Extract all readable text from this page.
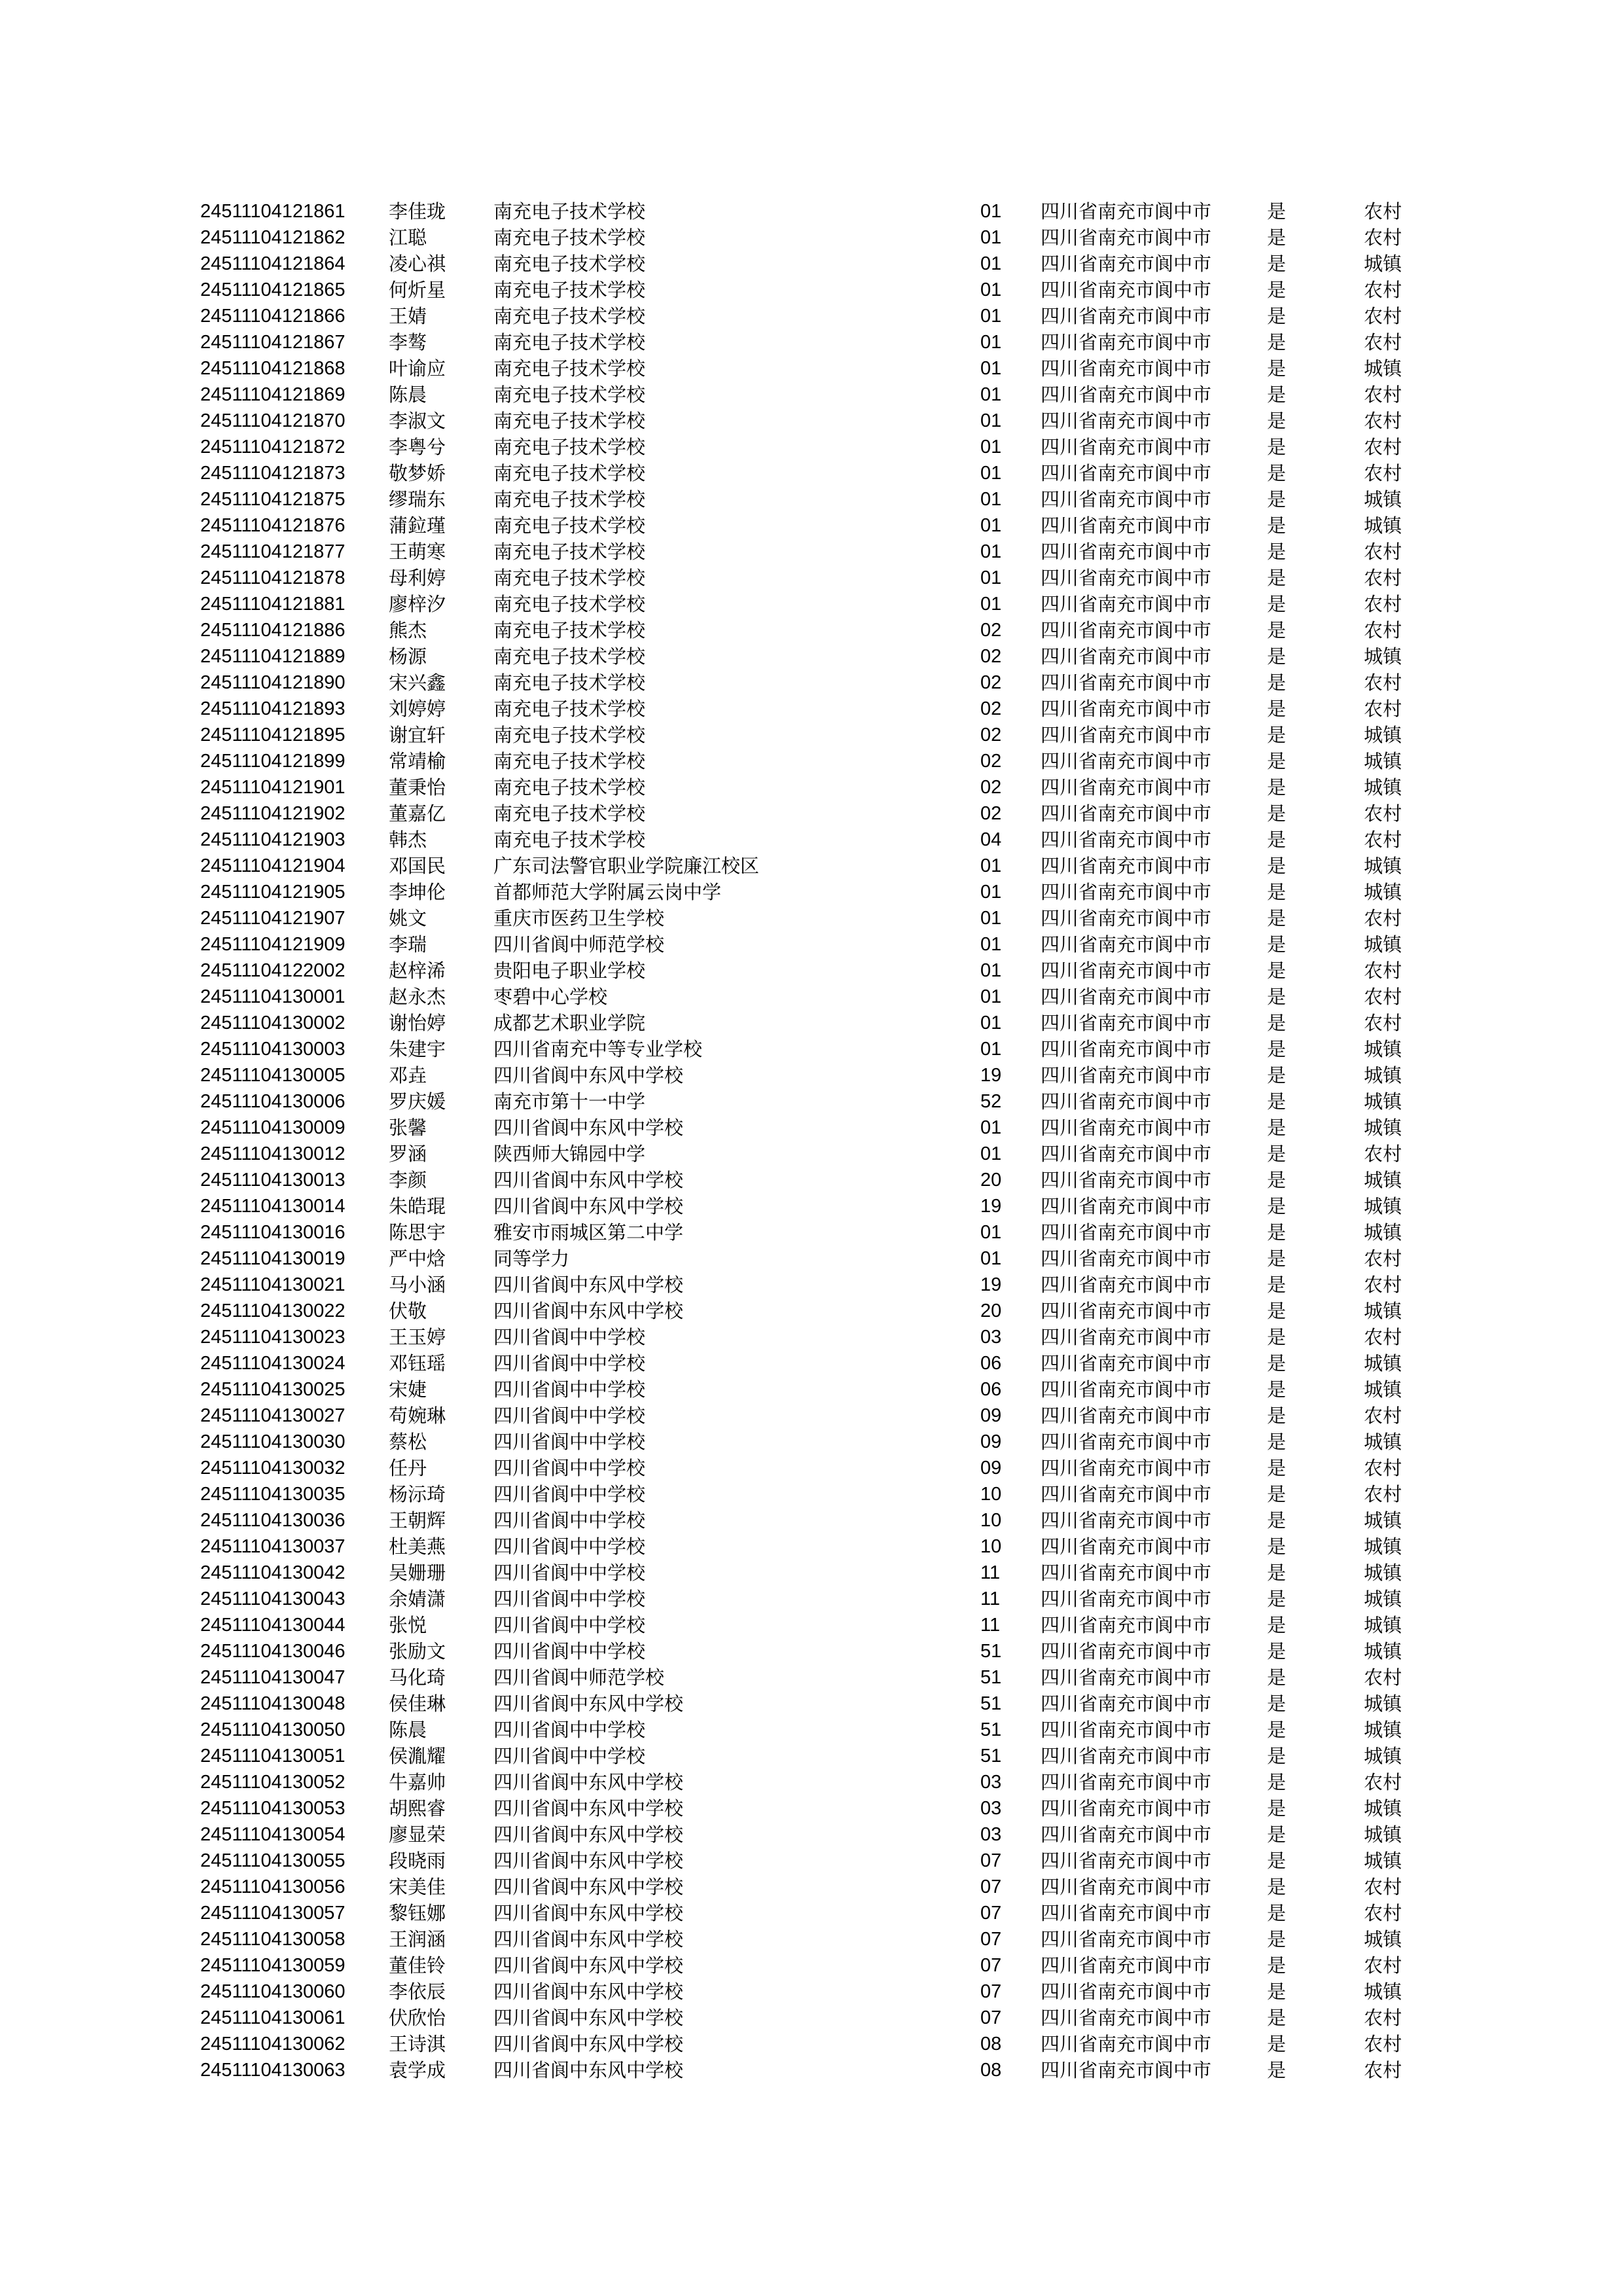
24511104121861 李佳珑	南充电子技术学校	01 四川省南充市阆中市	是	农村
24511104121862 江聪	南充电子技术学校	01 四川省南充市阆中市	是	农村
24511104121864 凌心祺	南充电子技术学校	01 四川省南充市阆中市	是	城镇
24511104121865 何炘星	南充电子技术学校	01 四川省南充市阆中市	是	农村
24511104121866 王婧	南充电子技术学校	01 四川省南充市阆中市	是	农村
24511104121867 李骜	南充电子技术学校	01 四川省南充市阆中市	是	农村
24511104121868 叶谕应	南充电子技术学校	01 四川省南充市阆中市	是	城镇
24511104121869 陈晨	南充电子技术学校	01 四川省南充市阆中市	是	农村
24511104121870 李淑文	南充电子技术学校	01 四川省南充市阆中市	是	农村
24511104121872 李粤兮	南充电子技术学校	01 四川省南充市阆中市	是	农村
24511104121873 敬梦娇	南充电子技术学校	01 四川省南充市阆中市	是	农村
24511104121875 缪瑞东	南充电子技术学校	01 四川省南充市阆中市	是	城镇
24511104121876 蒲鉝瑾	南充电子技术学校	01 四川省南充市阆中市	是	城镇
24511104121877 王萌寒	南充电子技术学校	01 四川省南充市阆中市	是	农村
24511104121878 母利婷	南充电子技术学校	01 四川省南充市阆中市	是	农村
24511104121881 廖梓汐	南充电子技术学校	01 四川省南充市阆中市	是	农村
24511104121886 熊杰	南充电子技术学校	02 四川省南充市阆中市	是	农村
24511104121889 杨源	南充电子技术学校	02 四川省南充市阆中市	是	城镇
24511104121890 宋兴鑫	南充电子技术学校	02 四川省南充市阆中市	是	农村
24511104121893 刘婷婷	南充电子技术学校	02 四川省南充市阆中市	是	农村
24511104121895 谢宜轩	南充电子技术学校	02 四川省南充市阆中市	是	城镇
24511104121899 常靖榆	南充电子技术学校	02 四川省南充市阆中市	是	城镇
24511104121901 董秉怡	南充电子技术学校	02 四川省南充市阆中市	是	城镇
24511104121902 董嘉亿	南充电子技术学校	02 四川省南充市阆中市	是	农村
24511104121903 韩杰	南充电子技术学校	04 四川省南充市阆中市	是	农村
24511104121904 邓国民	广东司法警官职业学院廉江校区	01 四川省南充市阆中市	是	城镇
24511104121905 李坤伦	首都师范大学附属云岗中学	01 四川省南充市阆中市	是	城镇
24511104121907 姚文	重庆市医药卫生学校	01 四川省南充市阆中市	是	农村
24511104121909 李瑞	四川省阆中师范学校	01 四川省南充市阆中市	是	城镇
24511104122002 赵梓浠	贵阳电子职业学校	01 四川省南充市阆中市	是	农村
24511104130001 赵永杰	枣碧中心学校	01 四川省南充市阆中市	是	农村
24511104130002 谢怡婷	成都艺术职业学院	01 四川省南充市阆中市	是	农村
24511104130003 朱建宇	四川省南充中等专业学校	01 四川省南充市阆中市	是	城镇
24511104130005 邓垚	四川省阆中东风中学校	19 四川省南充市阆中市	是	城镇
24511104130006 罗庆媛	南充市第十一中学	52 四川省南充市阆中市	是	城镇
24511104130009 张馨	四川省阆中东风中学校	01 四川省南充市阆中市	是	城镇
24511104130012 罗涵	陕西师大锦园中学	01 四川省南充市阆中市	是	农村
24511104130013 李颜	四川省阆中东风中学校	20 四川省南充市阆中市	是	城镇
24511104130014 朱皓琨	四川省阆中东风中学校	19 四川省南充市阆中市	是	城镇
24511104130016 陈思宇	雅安市雨城区第二中学	01 四川省南充市阆中市	是	城镇
24511104130019 严中焓	同等学力	01 四川省南充市阆中市	是	农村
24511104130021 马小涵	四川省阆中东风中学校	19 四川省南充市阆中市	是	农村
24511104130022 伏敬	四川省阆中东风中学校	20 四川省南充市阆中市	是	城镇
24511104130023 王玉婷	四川省阆中中学校	03 四川省南充市阆中市	是	农村
24511104130024 邓钰瑶	四川省阆中中学校	06 四川省南充市阆中市	是	城镇
24511104130025 宋婕	四川省阆中中学校	06 四川省南充市阆中市	是	城镇
24511104130027 苟婉琳	四川省阆中中学校	09 四川省南充市阆中市	是	农村
24511104130030 蔡松	四川省阆中中学校	09 四川省南充市阆中市	是	城镇
24511104130032 任丹	四川省阆中中学校	09 四川省南充市阆中市	是	农村
24511104130035 杨沶琦	四川省阆中中学校	10 四川省南充市阆中市	是	农村
24511104130036 王朝辉	四川省阆中中学校	10 四川省南充市阆中市	是	城镇
24511104130037 杜美燕	四川省阆中中学校	10 四川省南充市阆中市	是	城镇
24511104130042 吴姗珊	四川省阆中中学校	11 四川省南充市阆中市	是	城镇
24511104130043 余婧潇	四川省阆中中学校	11 四川省南充市阆中市	是	城镇
24511104130044 张悦	四川省阆中中学校	11 四川省南充市阆中市	是	城镇
24511104130046 张励文	四川省阆中中学校	51 四川省南充市阆中市	是	城镇
24511104130047 马化琦	四川省阆中师范学校	51 四川省南充市阆中市	是	农村
24511104130048 侯佳琳	四川省阆中东风中学校	51 四川省南充市阆中市	是	城镇
24511104130050 陈晨	四川省阆中中学校	51 四川省南充市阆中市	是	城镇
24511104130051 侯湚耀	四川省阆中中学校	51 四川省南充市阆中市	是	城镇
24511104130052 牛嘉帅	四川省阆中东风中学校	03 四川省南充市阆中市	是	农村
24511104130053 胡熙睿	四川省阆中东风中学校	03 四川省南充市阆中市	是	城镇
24511104130054 廖显荣	四川省阆中东风中学校	03 四川省南充市阆中市	是	城镇
24511104130055 段晓雨	四川省阆中东风中学校	07 四川省南充市阆中市	是	城镇
24511104130056 宋美佳	四川省阆中东风中学校	07 四川省南充市阆中市	是	农村
24511104130057 黎钰娜	四川省阆中东风中学校	07 四川省南充市阆中市	是	农村
24511104130058 王润涵	四川省阆中东风中学校	07 四川省南充市阆中市	是	城镇
24511104130059 董佳铃	四川省阆中东风中学校	07 四川省南充市阆中市	是	农村
24511104130060 李依辰	四川省阆中东风中学校	07 四川省南充市阆中市	是	城镇
24511104130061 伏欣怡	四川省阆中东风中学校	07 四川省南充市阆中市	是	农村
24511104130062 王诗淇	四川省阆中东风中学校	08 四川省南充市阆中市	是	农村
24511104130063 袁学成	四川省阆中东风中学校	08 四川省南充市阆中市	是	农村
